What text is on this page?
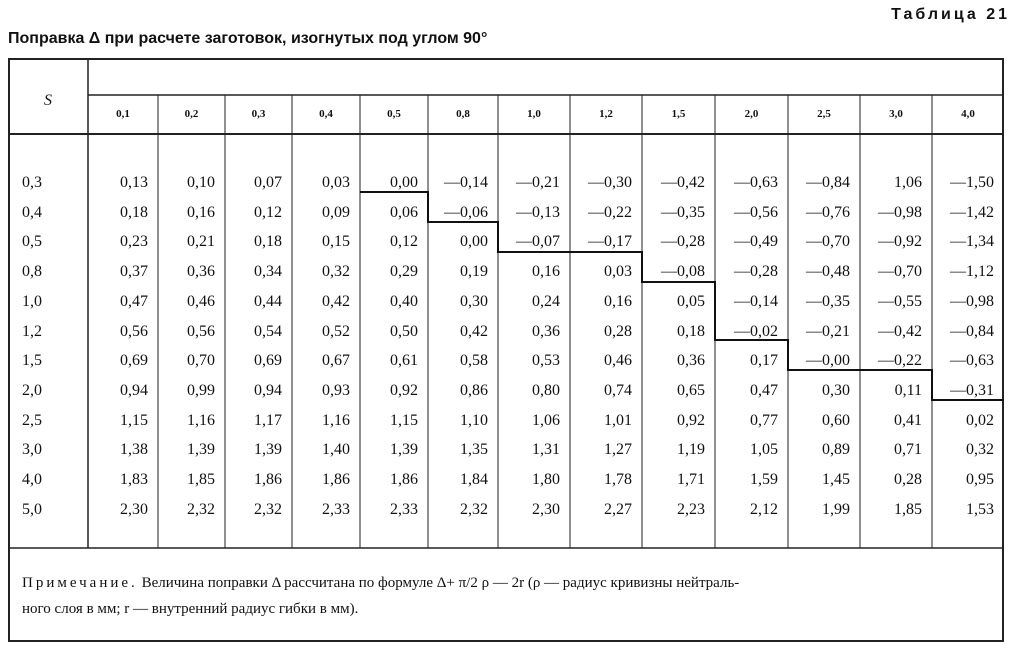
Таблица 21
Поправка Δ при расчете заготовок, изогнутых под углом 90°
S
0,1	0,2	0,3	0,4	0,5	0,8	1,0	1,2	1,5	2,0	2,5	3,0	4,0
0,3	0,13	0,10	0,07	0,03	0,00	—0,14	—0,21	—0,30	—0,42	—0,63	—0,84	1,06	—1,50
0,4	0,18	0,16	0,12	0,09	0,06	—0,06	—0,13	—0,22	—0,35	—0,56	—0,76	—0,98	—1,42
0,5	0,23	0,21	0,18	0,15	0,12	0,00	—0,07	—0,17	—0,28	—0,49	—0,70	—0,92	—1,34
0,8	0,37	0,36	0,34	0,32	0,29	0,19	0,16	0,03	—0,08	—0,28	—0,48	—0,70	—1,12
1,0	0,47	0,46	0,44	0,42	0,40	0,30	0,24	0,16	0,05	—0,14	—0,35	—0,55	—0,98
1,2	0,56	0,56	0,54	0,52	0,50	0,42	0,36	0,28	0,18	—0,02	—0,21	—0,42	—0,84
1,5	0,69	0,70	0,69	0,67	0,61	0,58	0,53	0,46	0,36	0,17	—0,00	—0,22	—0,63
2,0	0,94	0,99	0,94	0,93	0,92	0,86	0,80	0,74	0,65	0,47	0,30	0,11	—0,31
2,5	1,15	1,16	1,17	1,16	1,15	1,10	1,06	1,01	0,92	0,77	0,60	0,41	0,02
3,0	1,38	1,39	1,39	1,40	1,39	1,35	1,31	1,27	1,19	1,05	0,89	0,71	0,32
4,0	1,83	1,85	1,86	1,86	1,86	1,84	1,80	1,78	1,71	1,59	1,45	0,28	0,95
5,0	2,30	2,32	2,32	2,33	2,33	2,32	2,30	2,27	2,23	2,12	1,99	1,85	1,53
Примечание. Величина поправки Δ рассчитана по формуле Δ+ π/2 ρ — 2r (ρ — радиус кривизны нейтраль-
ного слоя в мм; r — внутренний радиус гибки в мм).
